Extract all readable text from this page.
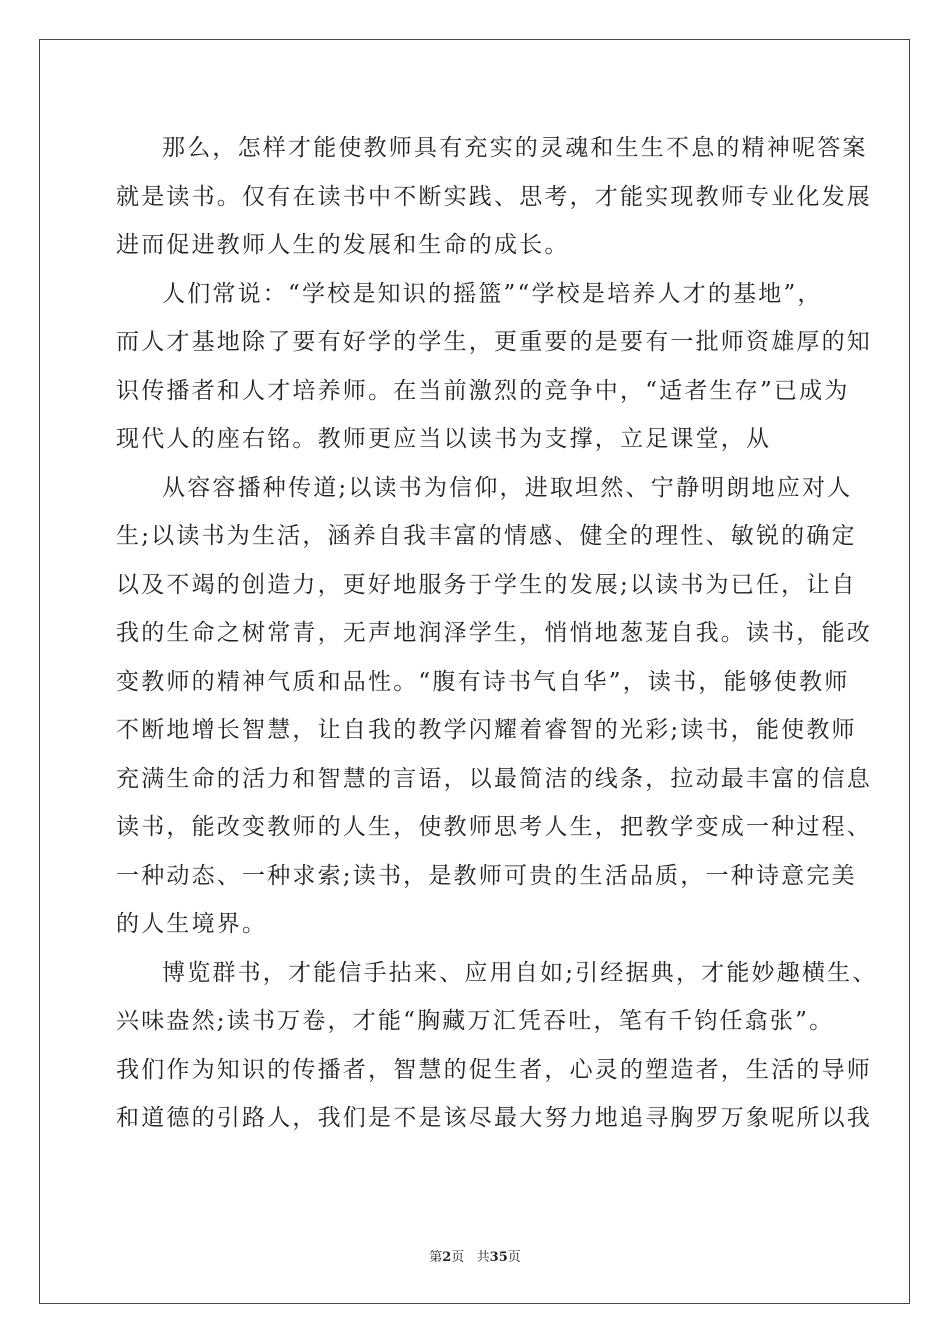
那么，怎样才能使教师具有充实的灵魂和生生不息的精神呢答案
就是读书。仅有在读书中不断实践、思考，才能实现教师专业化发展
进而促进教师人生的发展和生命的成长。
人们常说：“学校是知识的摇篮”“学校是培养人才的基地”，
而人才基地除了要有好学的学生，更重要的是要有一批师资雄厚的知
识传播者和人才培养师。在当前激烈的竞争中，“适者生存”已成为
现代人的座右铭。教师更应当以读书为支撑，立足课堂，从
从容容播种传道;以读书为信仰，进取坦然、宁静明朗地应对人
生;以读书为生活，涵养自我丰富的情感、健全的理性、敏锐的确定
以及不竭的创造力，更好地服务于学生的发展;以读书为已任，让自
我的生命之树常青，无声地润泽学生，悄悄地葱茏自我。读书，能改
变教师的精神气质和品性。“腹有诗书气自华”，读书，能够使教师
不断地增长智慧，让自我的教学闪耀着睿智的光彩;读书，能使教师
充满生命的活力和智慧的言语，以最简洁的线条，拉动最丰富的信息
读书，能改变教师的人生，使教师思考人生，把教学变成一种过程、
一种动态、一种求索;读书，是教师可贵的生活品质，一种诗意完美
的人生境界。
博览群书，才能信手拈来、应用自如;引经据典，才能妙趣横生、
兴味盎然;读书万卷，才能“胸藏万汇凭吞吐，笔有千钧任翕张”。
我们作为知识的传播者，智慧的促生者，心灵的塑造者，生活的导师
和道德的引路人，我们是不是该尽最大努力地追寻胸罗万象呢所以我
第2页   共35页
